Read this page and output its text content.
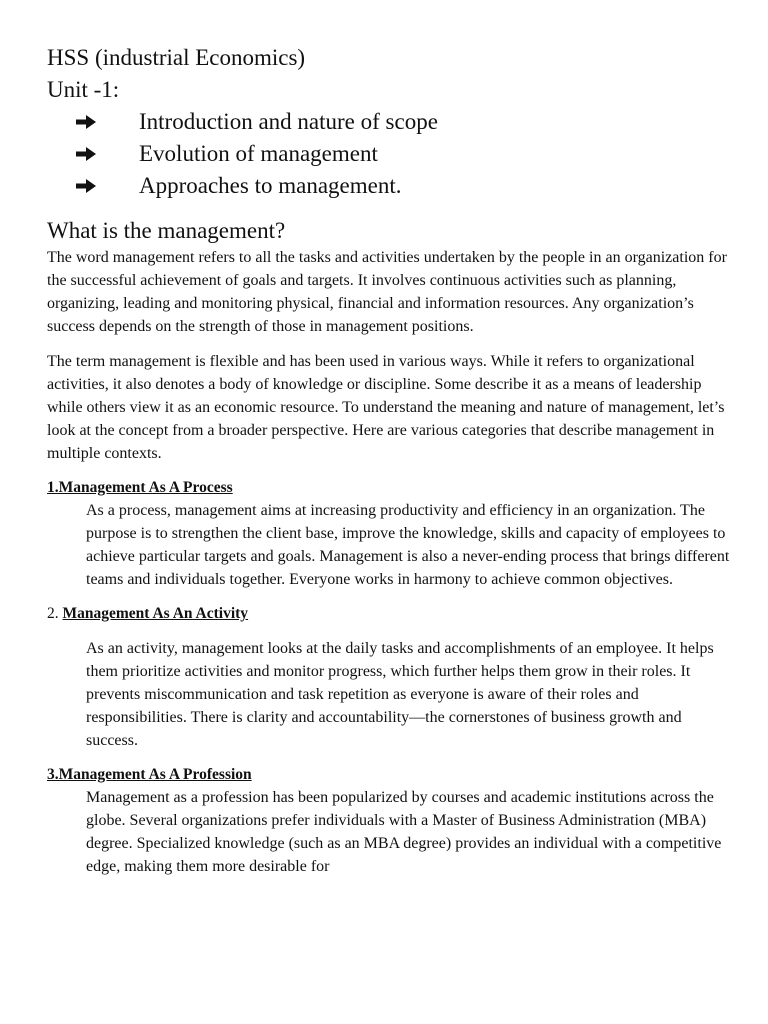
HSS (industrial Economics)
Unit -1:
Introduction and nature of scope
Evolution of management
Approaches to management.
What is the management?

The word management refers to all the tasks and activities undertaken by the people in an organization for the successful achievement of goals and targets. It involves continuous activities such as planning, organizing, leading and monitoring physical, financial and information resources. Any organization’s success depends on the strength of those in management positions.

The term management is flexible and has been used in various ways. While it refers to organizational activities, it also denotes a body of knowledge or discipline. Some describe it as a means of leadership while others view it as an economic resource. To understand the meaning and nature of management, let’s look at the concept from a broader perspective. Here are various categories that describe management in multiple contexts.

1.Management As A Process

As a process, management aims at increasing productivity and efficiency in an organization. The purpose is to strengthen the client base, improve the knowledge, skills and capacity of employees to achieve particular targets and goals. Management is also a never-ending process that brings different teams and individuals together. Everyone works in harmony to achieve common objectives.

2. Management As An Activity

As an activity, management looks at the daily tasks and accomplishments of an employee. It helps them prioritize activities and monitor progress, which further helps them grow in their roles. It prevents miscommunication and task repetition as everyone is aware of their roles and responsibilities. There is clarity and accountability—the cornerstones of business growth and success.

3.Management As A Profession

Management as a profession has been popularized by courses and academic institutions across the globe. Several organizations prefer individuals with a Master of Business Administration (MBA) degree. Specialized knowledge (such as an MBA degree) provides an individual with a competitive edge, making them more desirable for
